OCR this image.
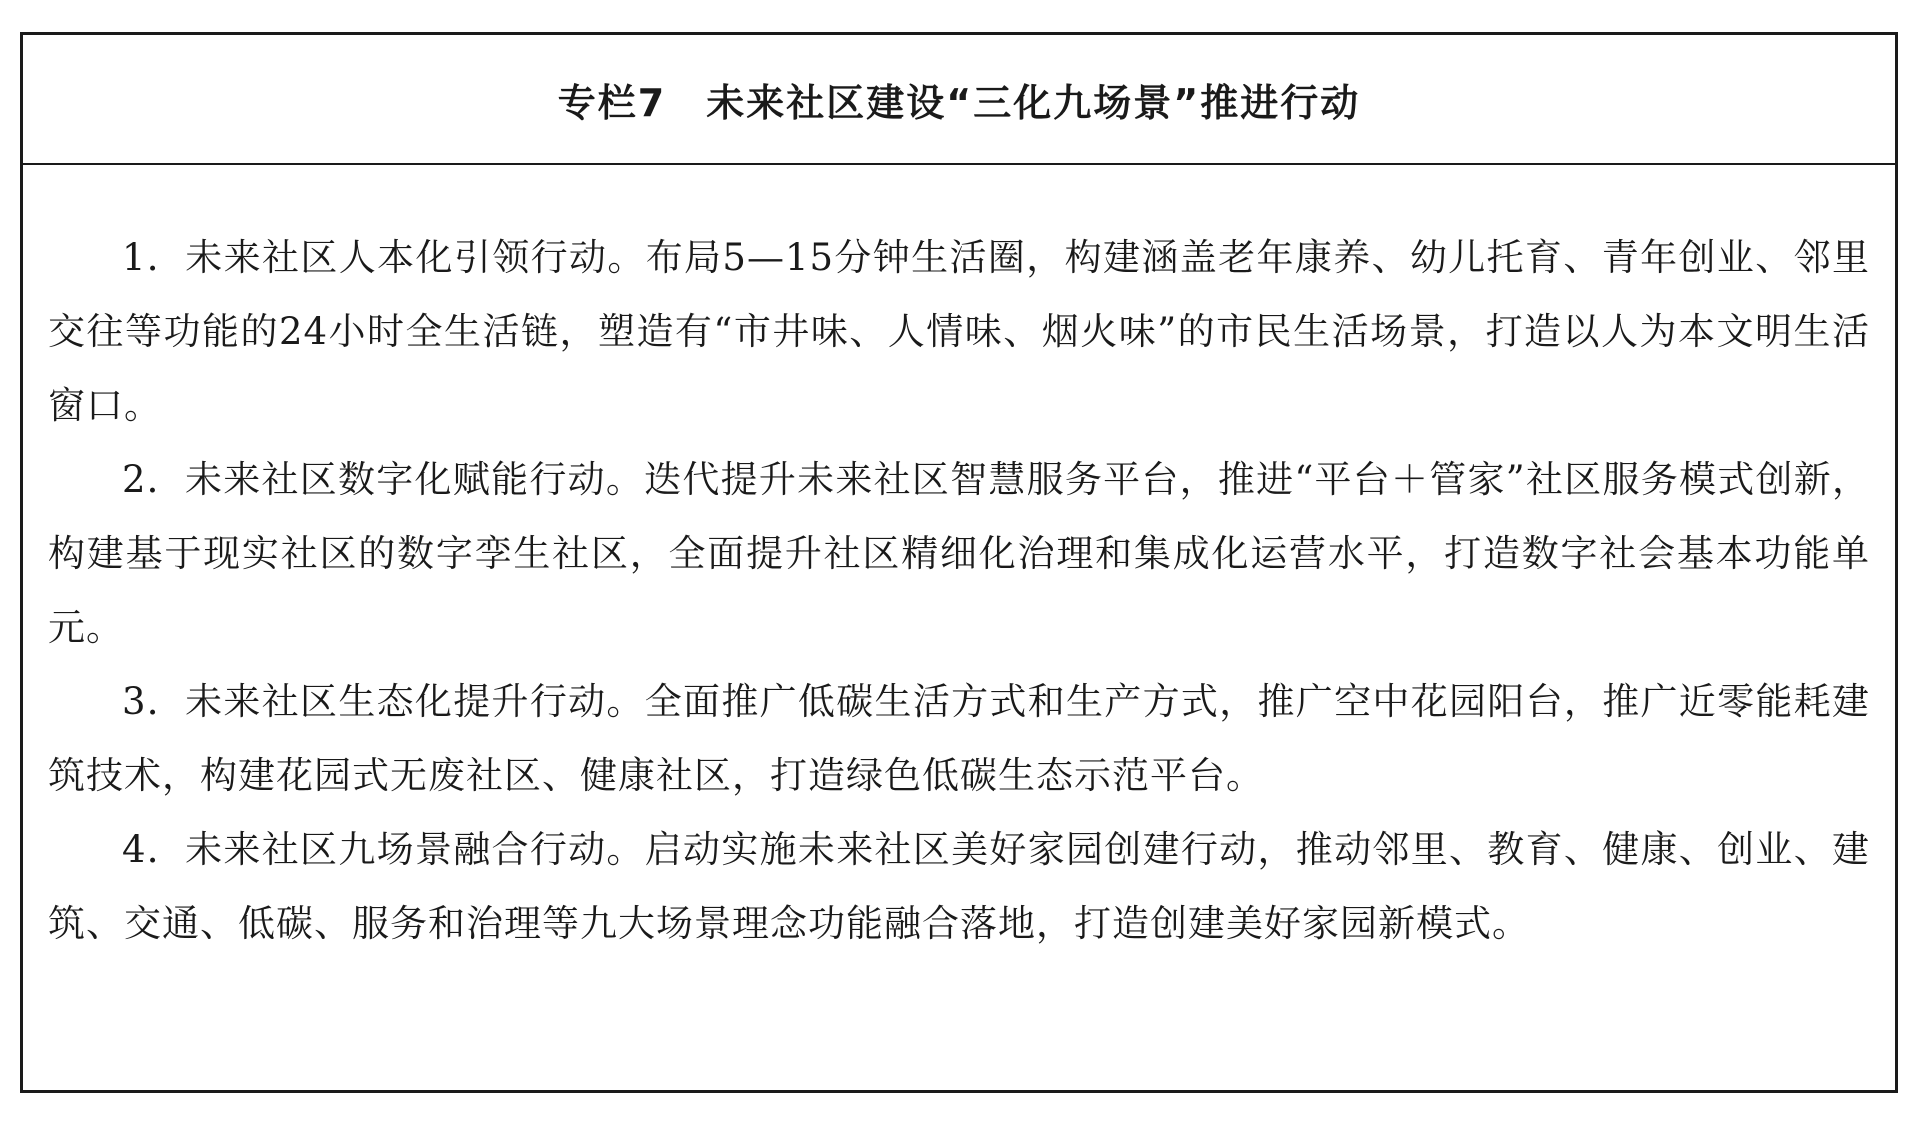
专栏7　未来社区建设“三化九场景”推进行动

1．未来社区人本化引领行动。布局5—15分钟生活圈，构建涵盖老年康养、幼儿托育、青年创业、邻里交往等功能的24小时全生活链，塑造有“市井味、人情味、烟火味”的市民生活场景，打造以人为本文明生活窗口。

2．未来社区数字化赋能行动。迭代提升未来社区智慧服务平台，推进“平台＋管家”社区服务模式创新，构建基于现实社区的数字孪生社区，全面提升社区精细化治理和集成化运营水平，打造数字社会基本功能单元。

3．未来社区生态化提升行动。全面推广低碳生活方式和生产方式，推广空中花园阳台，推广近零能耗建筑技术，构建花园式无废社区、健康社区，打造绿色低碳生态示范平台。

4．未来社区九场景融合行动。启动实施未来社区美好家园创建行动，推动邻里、教育、健康、创业、建筑、交通、低碳、服务和治理等九大场景理念功能融合落地，打造创建美好家园新模式。
